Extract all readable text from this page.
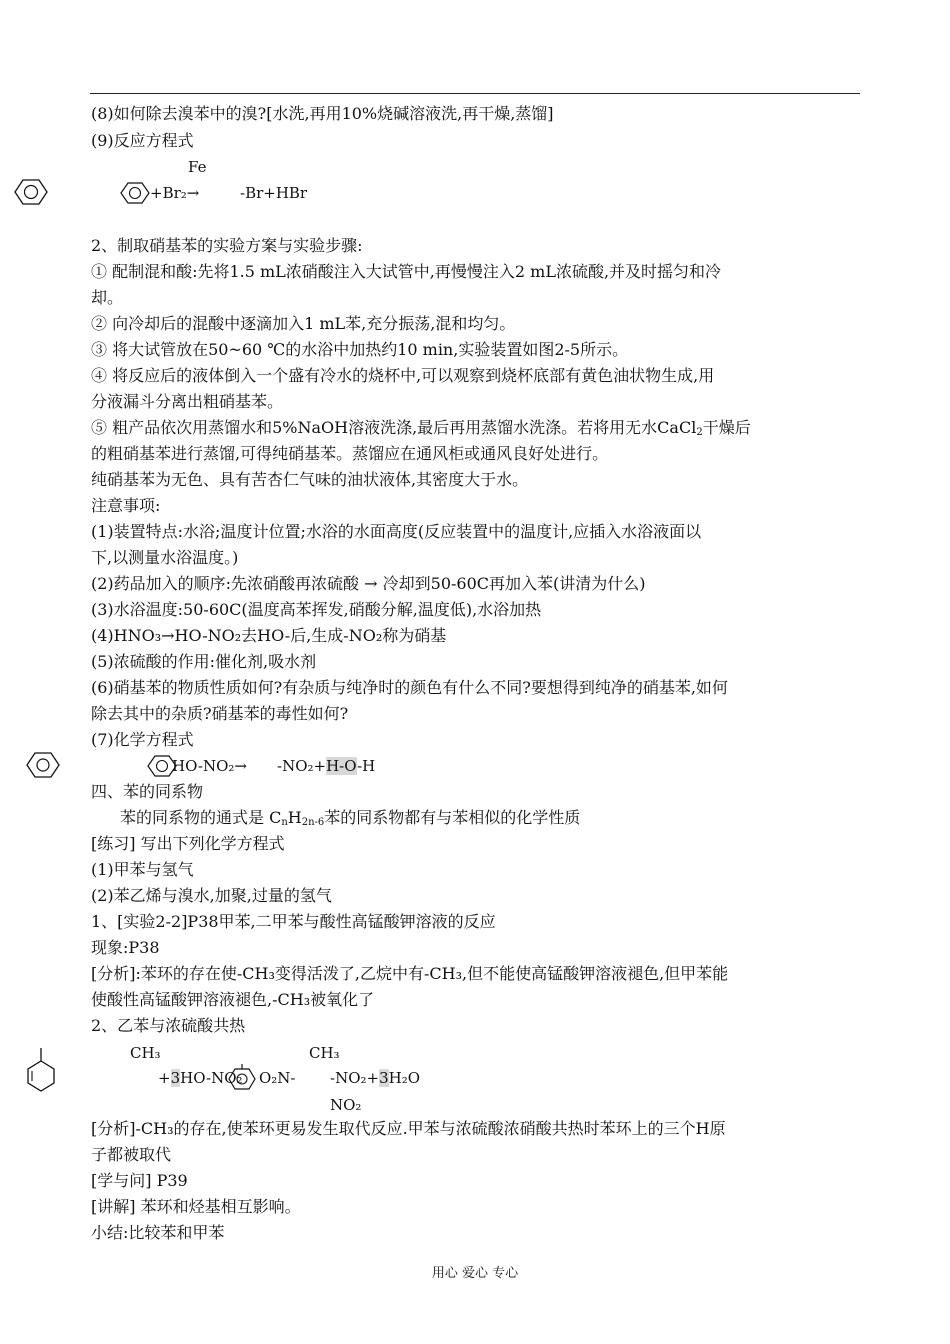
(8)如何除去溴苯中的溴?[水洗,再用10%烧碱溶液洗,再干燥,蒸馏]
(9)反应方程式
Fe
+Br₂→	-Br+HBr
2、制取硝基苯的实验方案与实验步骤:
① 配制混和酸:先将1.5 mL浓硝酸注入大试管中,再慢慢注入2 mL浓硫酸,并及时摇匀和冷
却。
② 向冷却后的混酸中逐滴加入1 mL苯,充分振荡,混和均匀。
③ 将大试管放在50~60 ℃的水浴中加热约10 min,实验装置如图2-5所示。
④ 将反应后的液体倒入一个盛有冷水的烧杯中,可以观察到烧杯底部有黄色油状物生成,用
分液漏斗分离出粗硝基苯。
⑤ 粗产品依次用蒸馏水和5%NaOH溶液洗涤,最后再用蒸馏水洗涤。若将用无水CaCl$_2$干燥后
的粗硝基苯进行蒸馏,可得纯硝基苯。蒸馏应在通风柜或通风良好处进行。
纯硝基苯为无色、具有苦杏仁气味的油状液体,其密度大于水。
注意事项:
(1)装置特点:水浴;温度计位置;水浴的水面高度(反应装置中的温度计,应插入水浴液面以
下,以测量水浴温度。)
(2)药品加入的顺序:先浓硝酸再浓硫酸 → 冷却到50-60C再加入苯(讲清为什么)
(3)水浴温度:50-60C(温度高苯挥发,硝酸分解,温度低),水浴加热
(4)HNO₃→HO-NO₂去HO-后,生成-NO₂称为硝基
(5)浓硫酸的作用:催化剂,吸水剂
(6)硝基苯的物质性质如何?有杂质与纯净时的颜色有什么不同?要想得到纯净的硝基苯,如何
除去其中的杂质?硝基苯的毒性如何?
(7)化学方程式
HO-NO₂→ -NO₂+H-O-H
四、苯的同系物
苯的同系物的通式是 $C_nH_{2n-6}$苯的同系物都有与苯相似的化学性质
[练习] 写出下列化学方程式
(1)甲苯与氢气
(2)苯乙烯与溴水,加聚,过量的氢气
1、[实验2-2]P38甲苯,二甲苯与酸性高锰酸钾溶液的反应
现象:P38
[分析]:苯环的存在使-CH₃变得活泼了,乙烷中有-CH₃,但不能使高锰酸钾溶液褪色,但甲苯能
使酸性高锰酸钾溶液褪色,-CH₃被氧化了
2、乙苯与浓硫酸共热
CH₃	CH₃
+3HO-NO₂ O₂N- -NO₂+3H₂O
NO₂
[分析]-CH₃的存在,使苯环更易发生取代反应.甲苯与浓硫酸浓硝酸共热时苯环上的三个H原
子都被取代
[学与问] P39
[讲解] 苯环和烃基相互影响。
小结:比较苯和甲苯
用心 爱心 专心
